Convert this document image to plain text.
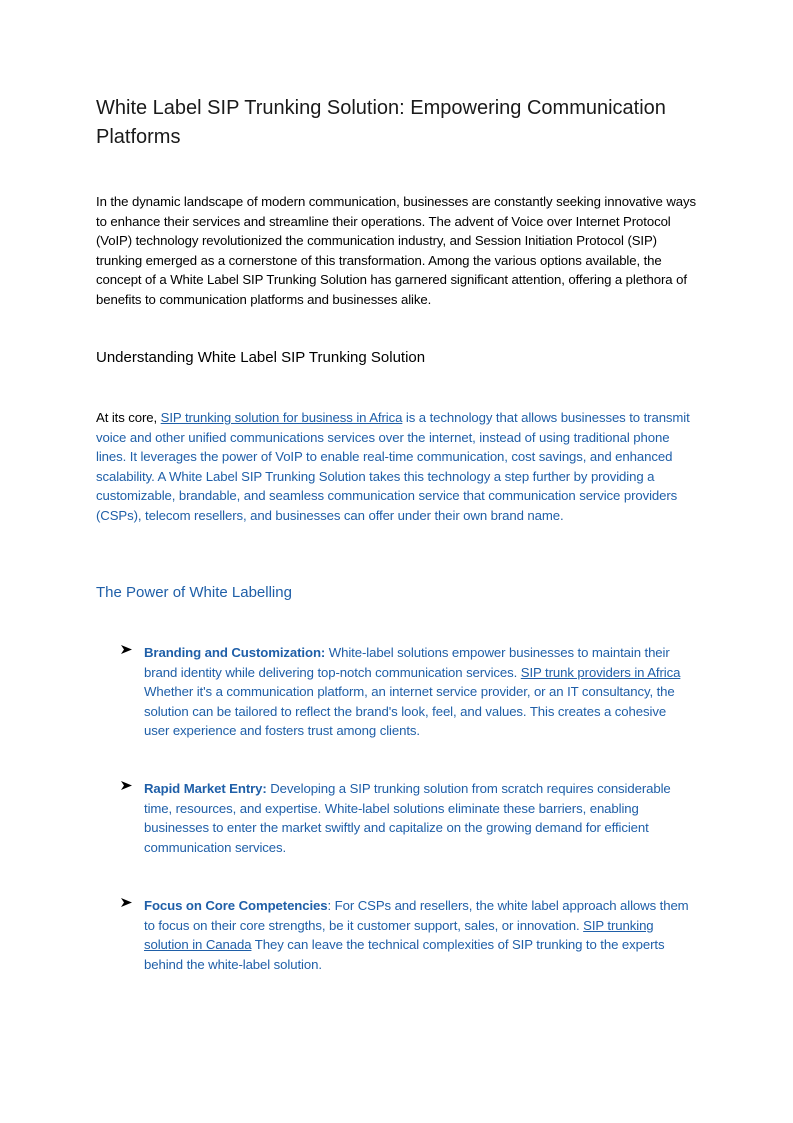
White Label SIP Trunking Solution: Empowering Communication Platforms
In the dynamic landscape of modern communication, businesses are constantly seeking innovative ways to enhance their services and streamline their operations. The advent of Voice over Internet Protocol (VoIP) technology revolutionized the communication industry, and Session Initiation Protocol (SIP) trunking emerged as a cornerstone of this transformation. Among the various options available, the concept of a White Label SIP Trunking Solution has garnered significant attention, offering a plethora of benefits to communication platforms and businesses alike.
Understanding White Label SIP Trunking Solution
At its core, SIP trunking solution for business in Africa is a technology that allows businesses to transmit voice and other unified communications services over the internet, instead of using traditional phone lines. It leverages the power of VoIP to enable real-time communication, cost savings, and enhanced scalability. A White Label SIP Trunking Solution takes this technology a step further by providing a customizable, brandable, and seamless communication service that communication service providers (CSPs), telecom resellers, and businesses can offer under their own brand name.
The Power of White Labelling
Branding and Customization: White-label solutions empower businesses to maintain their brand identity while delivering top-notch communication services. SIP trunk providers in Africa Whether it's a communication platform, an internet service provider, or an IT consultancy, the solution can be tailored to reflect the brand's look, feel, and values. This creates a cohesive user experience and fosters trust among clients.
Rapid Market Entry: Developing a SIP trunking solution from scratch requires considerable time, resources, and expertise. White-label solutions eliminate these barriers, enabling businesses to enter the market swiftly and capitalize on the growing demand for efficient communication services.
Focus on Core Competencies: For CSPs and resellers, the white label approach allows them to focus on their core strengths, be it customer support, sales, or innovation. SIP trunking solution in Canada They can leave the technical complexities of SIP trunking to the experts behind the white-label solution.
